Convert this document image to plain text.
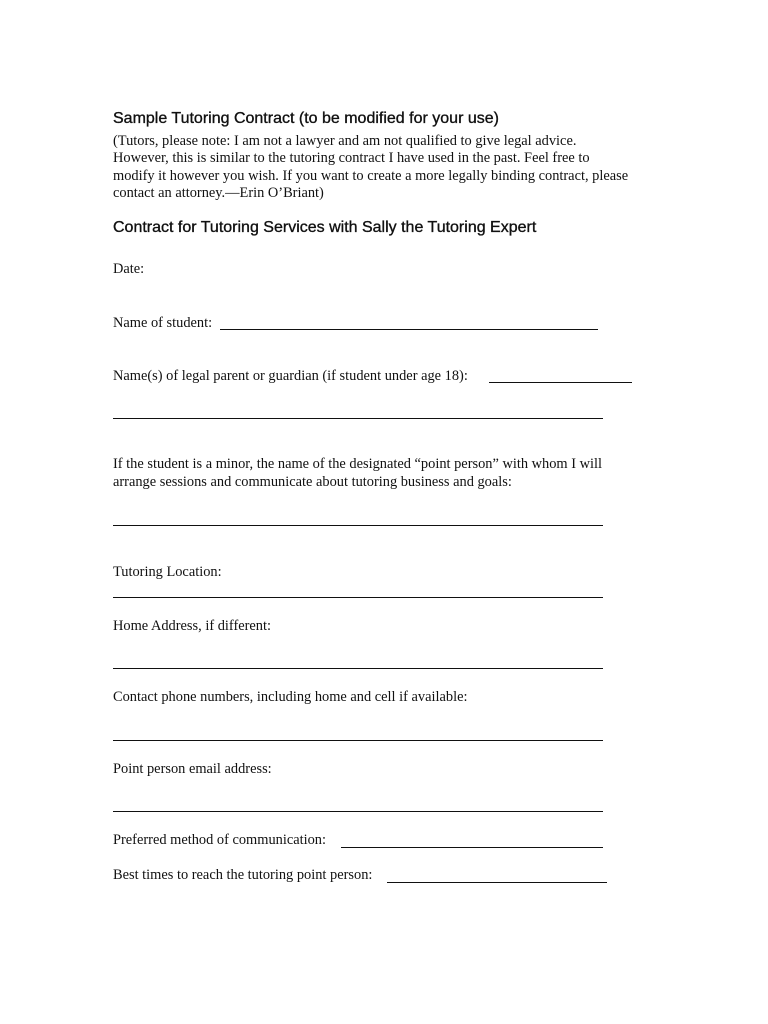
Sample Tutoring Contract (to be modified for your use)
(Tutors, please note: I am not a lawyer and am not qualified to give legal advice.
However, this is similar to the tutoring contract I have used in the past. Feel free to
modify it however you wish. If you want to create a more legally binding contract, please
contact an attorney.—Erin O’Briant)
Contract for Tutoring Services with Sally the Tutoring Expert
Date:
Name of student:
Name(s) of legal parent or guardian (if student under age 18):
If the student is a minor, the name of the designated “point person” with whom I will
arrange sessions and communicate about tutoring business and goals:
Tutoring Location:
Home Address, if different:
Contact phone numbers, including home and cell if available:
Point person email address:
Preferred method of communication:
Best times to reach the tutoring point person:
